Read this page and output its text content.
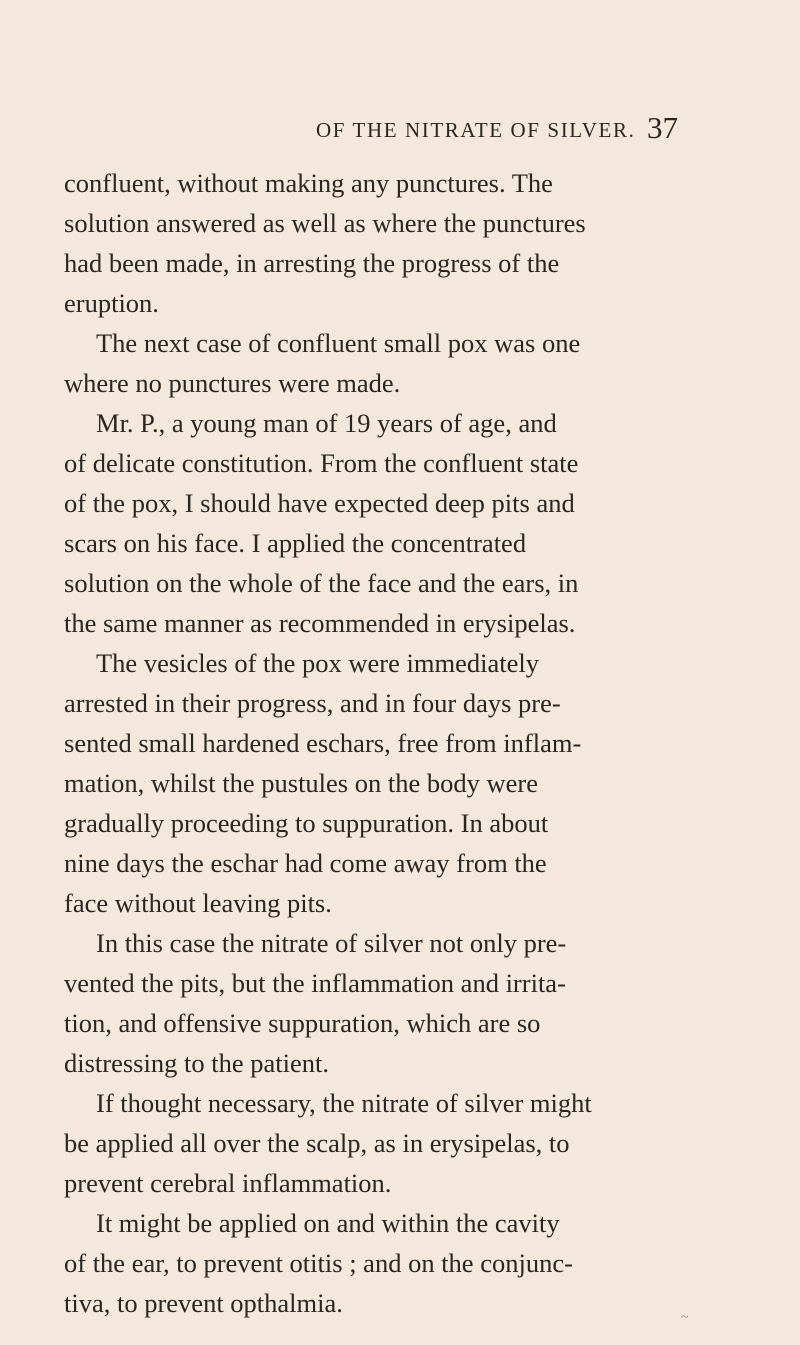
OF THE NITRATE OF SILVER. 37
confluent, without making any punctures. The
solution answered as well as where the punctures
had been made, in arresting the progress of the
eruption.
The next case of confluent small pox was one
where no punctures were made.
Mr. P., a young man of 19 years of age, and
of delicate constitution. From the confluent state
of the pox, I should have expected deep pits and
scars on his face. I applied the concentrated
solution on the whole of the face and the ears, in
the same manner as recommended in erysipelas.
The vesicles of the pox were immediately
arrested in their progress, and in four days pre-
sented small hardened eschars, free from inflam-
mation, whilst the pustules on the body were
gradually proceeding to suppuration. In about
nine days the eschar had come away from the
face without leaving pits.
In this case the nitrate of silver not only pre-
vented the pits, but the inflammation and irrita-
tion, and offensive suppuration, which are so
distressing to the patient.
If thought necessary, the nitrate of silver might
be applied all over the scalp, as in erysipelas, to
prevent cerebral inflammation.
It might be applied on and within the cavity
of the ear, to prevent otitis ; and on the conjunc-
tiva, to prevent opthalmia.	~
